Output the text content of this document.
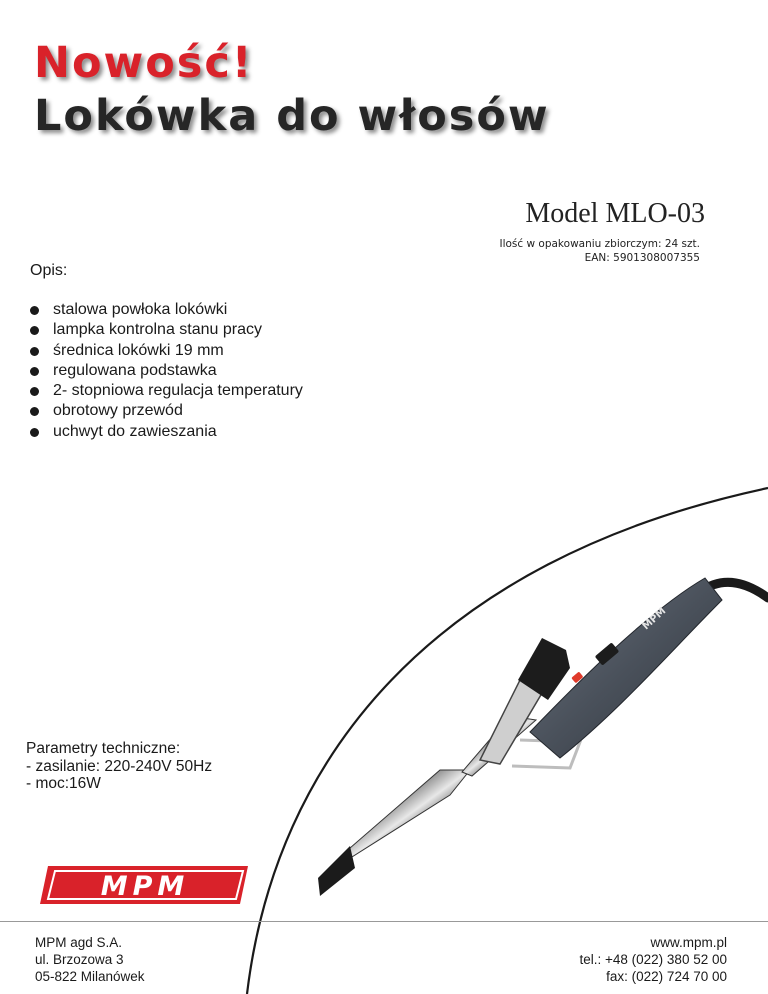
Nowość!
Lokówka do włosów
Model MLO-03
Ilość w opakowaniu zbiorczym: 24 szt.
EAN: 5901308007355
Opis:
stalowa powłoka lokówki
lampka kontrolna stanu pracy
średnica lokówki 19 mm
regulowana podstawka
2- stopniowa regulacja temperatury
obrotowy przewód
uchwyt do zawieszania
MPM
Parametry techniczne:
- zasilanie: 220-240V 50Hz
- moc:16W
MPM
MPM agd S.A.
ul. Brzozowa 3
05-822 Milanówek
www.mpm.pl
tel.: +48 (022) 380 52 00
fax: (022) 724 70 00
